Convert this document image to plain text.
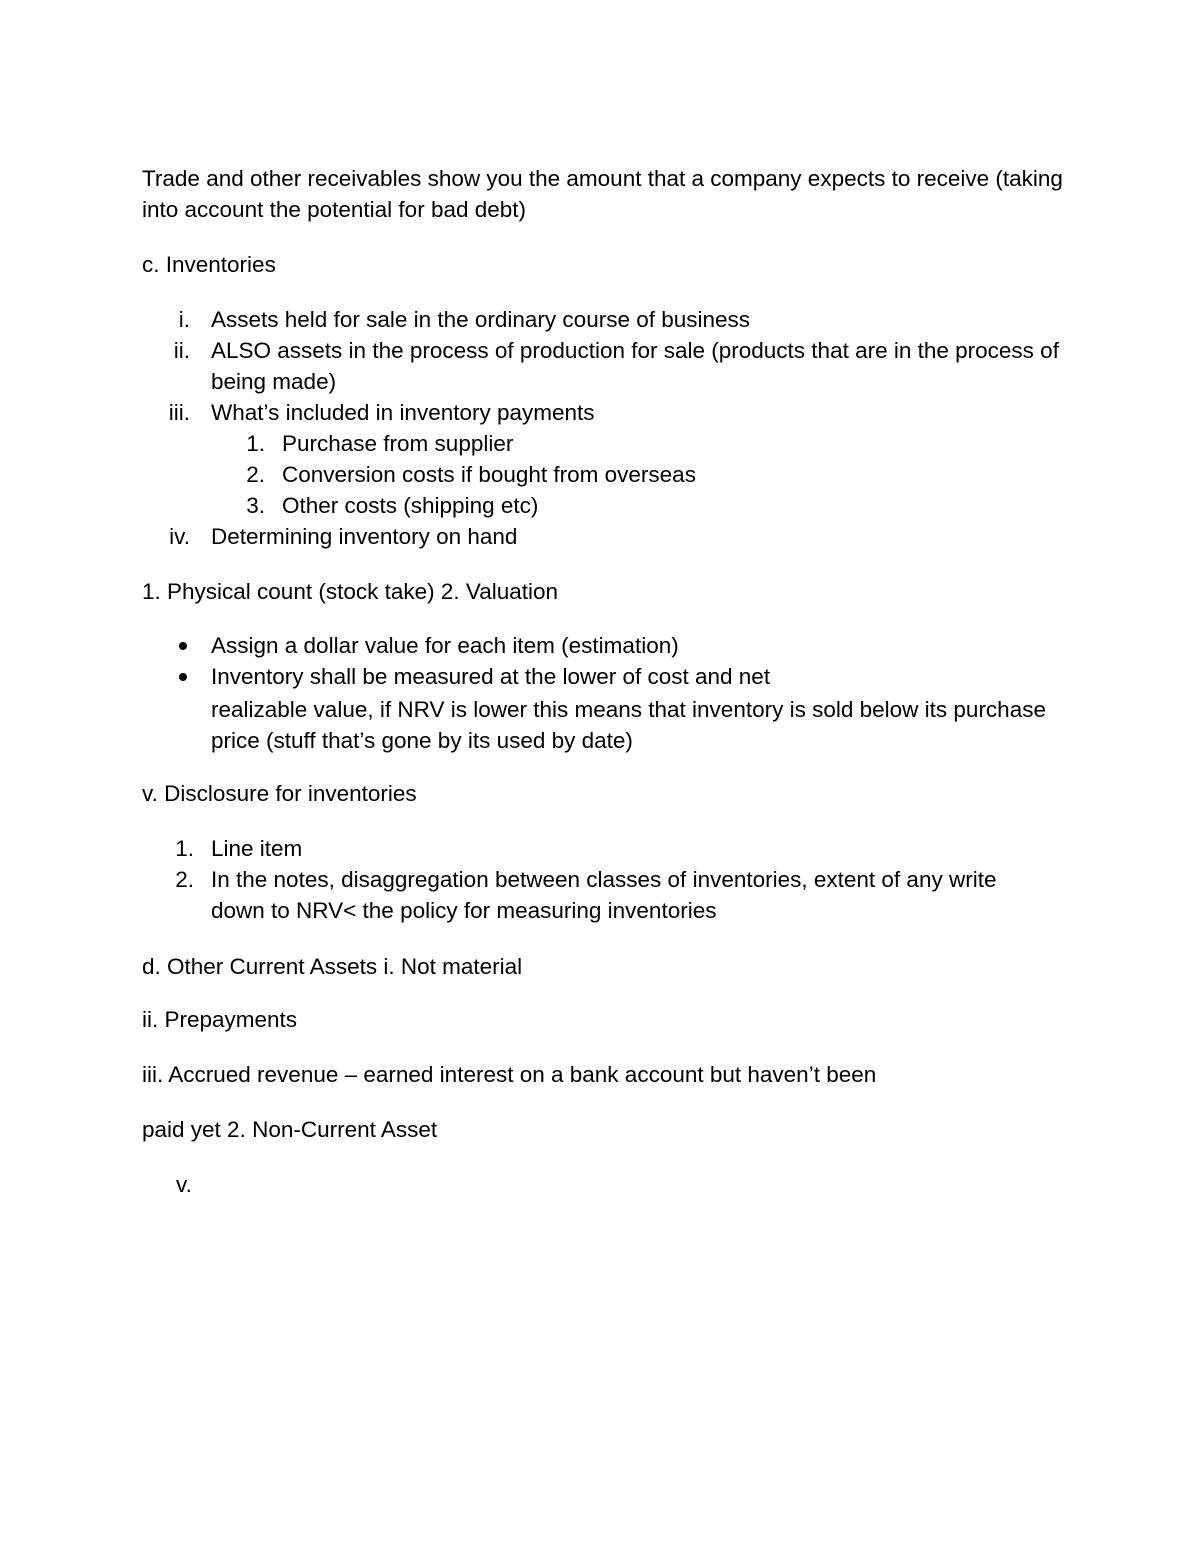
Trade and other receivables show you the amount that a company expects to receive (taking into account the potential for bad debt)

c. Inventories

i. Assets held for sale in the ordinary course of business
ii. ALSO assets in the process of production for sale (products that are in the process of being made)
iii. What’s included in inventory payments
1. Purchase from supplier
2. Conversion costs if bought from overseas
3. Other costs (shipping etc)
iv. Determining inventory on hand

1. Physical count (stock take) 2. Valuation

Assign a dollar value for each item (estimation)
Inventory shall be measured at the lower of cost and net
realizable value, if NRV is lower this means that inventory is sold below its purchase price (stuff that’s gone by its used by date)

v. Disclosure for inventories

1. Line item
2. In the notes, disaggregation between classes of inventories, extent of any write down to NRV< the policy for measuring inventories

d. Other Current Assets i. Not material

ii. Prepayments

iii. Accrued revenue – earned interest on a bank account but haven’t been

paid yet 2. Non-Current Asset

v.
